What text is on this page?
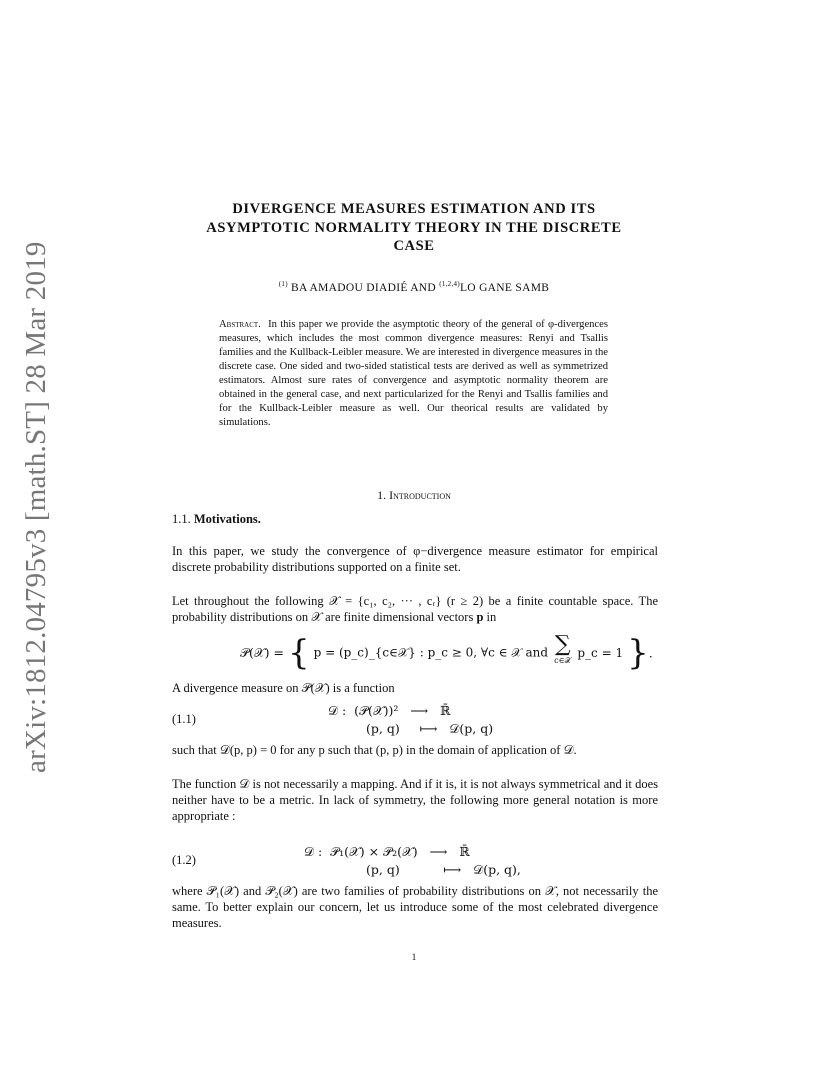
arXiv:1812.04795v3 [math.ST] 28 Mar 2019
DIVERGENCE MEASURES ESTIMATION AND ITS
ASYMPTOTIC NORMALITY THEORY IN THE DISCRETE
CASE
$^{(1)}$ BA AMADOU DIADIÉ AND $^{(1,2,4)}$LO GANE SAMB
Abstract. In this paper we provide the asymptotic theory of the general of φ-divergences measures, which includes the most common divergence measures: Renyi and Tsallis families and the Kullback-Leibler measure. We are interested in divergence measures in the discrete case. One sided and two-sided statistical tests are derived as well as symmetrized estimators. Almost sure rates of convergence and asymptotic normality theorem are obtained in the general case, and next particularized for the Renyi and Tsallis families and for the Kullback-Leibler measure as well. Our theorical results are validated by simulations.
1. Introduction
1.1. Motivations.
In this paper, we study the convergence of φ−divergence measure estimator for empirical discrete probability distributions supported on a finite set.
Let throughout the following 𝒳 = {c₁, c₂, ··· , cᵣ} (r ≥ 2) be a finite countable space. The probability distributions on 𝒳 are finite dimensional vectors p in
𝒫(𝒳) = { p = (p_c)_{c∈𝒳} : p_c ≥ 0, ∀c ∈ 𝒳 and ∑
c∈𝒳 p_c = 1 }.
A divergence measure on 𝒫(𝒳) is a function
(1.1)
𝒟 :  (𝒫(𝒳))²   ⟶   ℝ̄
(p, q)     ⟼   𝒟(p, q)
such that 𝒟(p, p) = 0 for any p such that (p, p) in the domain of application of 𝒟.
The function 𝒟 is not necessarily a mapping. And if it is, it is not always symmetrical and it does neither have to be a metric. In lack of symmetry, the following more general notation is more appropriate :
(1.2)
𝒟 :  𝒫₁(𝒳) × 𝒫₂(𝒳)   ⟶   ℝ̄
(p, q)           ⟼   𝒟(p, q),
where 𝒫₁(𝒳) and 𝒫₂(𝒳) are two families of probability distributions on 𝒳, not necessarily the same. To better explain our concern, let us introduce some of the most celebrated divergence measures.
1
